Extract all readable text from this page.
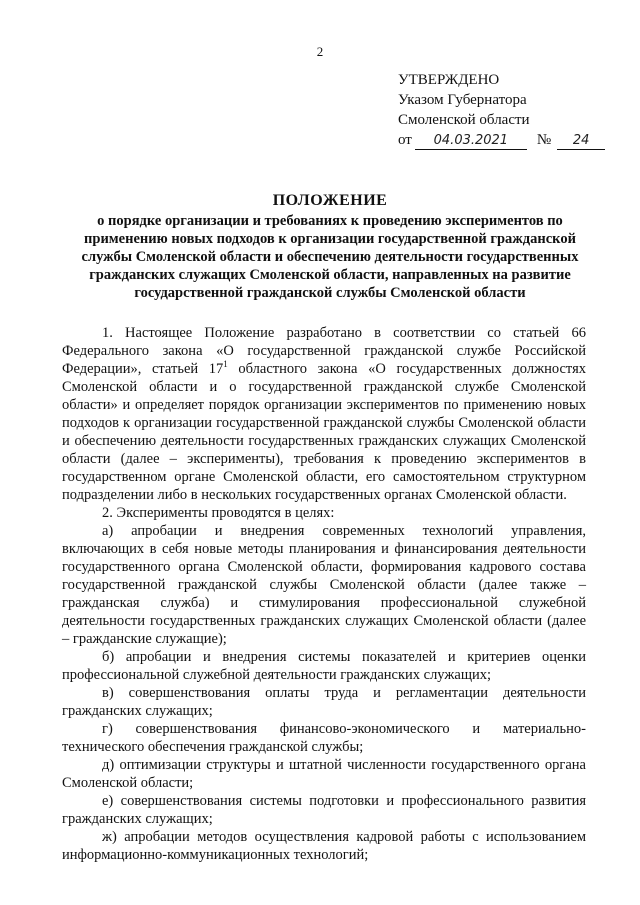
2
УТВЕРЖДЕНО
Указом Губернатора
Смоленской области
от 04.03.2021 № 24
ПОЛОЖЕНИЕ
о порядке организации и требованиях к проведению экспериментов по применению новых подходов к организации государственной гражданской службы Смоленской области и обеспечению деятельности государственных гражданских служащих Смоленской области, направленных на развитие государственной гражданской службы Смоленской области

1. Настоящее Положение разработано в соответствии со статьей 66 Федерального закона «О государственной гражданской службе Российской Федерации», статьей $17^1$ областного закона «О государственных должностях Смоленской области и о государственной гражданской службе Смоленской области» и определяет порядок организации экспериментов по применению новых подходов к организации государственной гражданской службы Смоленской области и обеспечению деятельности государственных гражданских служащих Смоленской области (далее – эксперименты), требования к проведению экспериментов в государственном органе Смоленской области, его самостоятельном структурном подразделении либо в нескольких государственных органах Смоленской области.

2. Эксперименты проводятся в целях:

а) апробации и внедрения современных технологий управления, включающих в себя новые методы планирования и финансирования деятельности государственного органа Смоленской области, формирования кадрового состава государственной гражданской службы Смоленской области (далее также – гражданская служба) и стимулирования профессиональной служебной деятельности государственных гражданских служащих Смоленской области (далее – гражданские служащие);

б) апробации и внедрения системы показателей и критериев оценки профессиональной служебной деятельности гражданских служащих;

в) совершенствования оплаты труда и регламентации деятельности гражданских служащих;

г) совершенствования финансово-экономического и материально-технического обеспечения гражданской службы;

д) оптимизации структуры и штатной численности государственного органа Смоленской области;

е) совершенствования системы подготовки и профессионального развития гражданских служащих;

ж) апробации методов осуществления кадровой работы с использованием информационно-коммуникационных технологий;
